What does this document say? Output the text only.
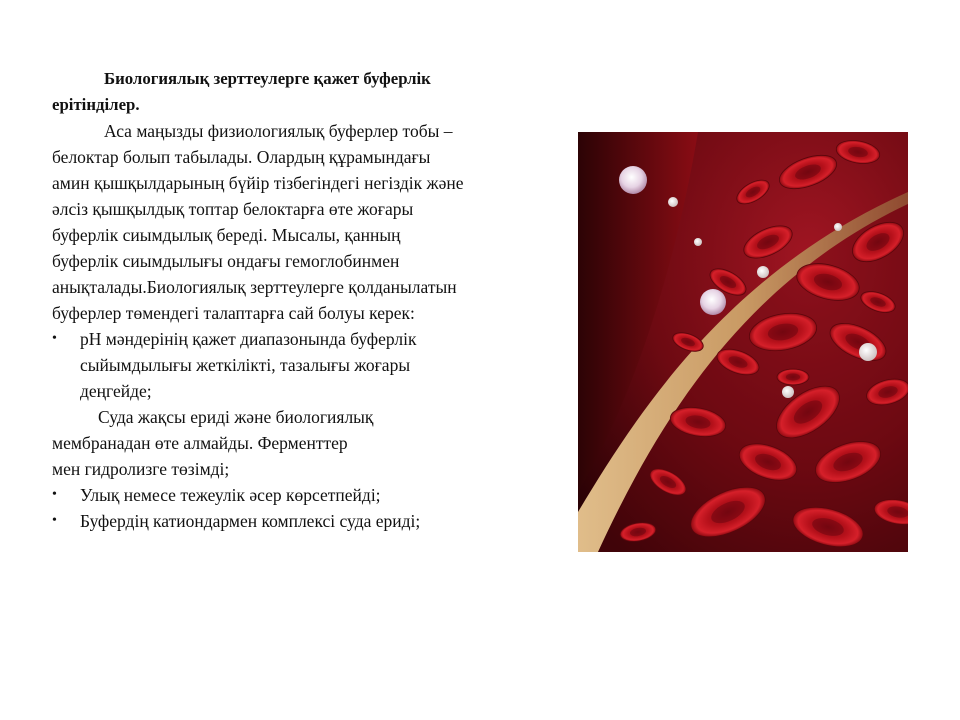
Биологиялық зерттеулерге қажет буферлік
ерітінділер.
Аса маңызды физиологиялық буферлер тобы –
белоктар болып табылады. Олардың құрамындағы
амин қышқылдарының бүйір тізбегіндегі негіздік және
әлсіз қышқылдық топтар белоктарға өте жоғары
буферлік сиымдылық береді. Мысалы, қанның
буферлік сиымдылығы ондағы гемоглобинмен
анықталады.Биологиялық зерттеулерге қолданылатын
буферлер төмендегі талаптарға сай болуы керек:
• pH мәндерінің қажет диапазонында буферлік
сыйымдылығы жеткілікті, тазалығы жоғары
деңгейде;
Суда жақсы ериді және биологиялық
мембранадан өте алмайды. Ферменттер
мен гидролизге төзімді;
• Улық немесе тежеулік әсер көрсетпейді;
• Буфердің катиондармен комплексі суда ериді;
